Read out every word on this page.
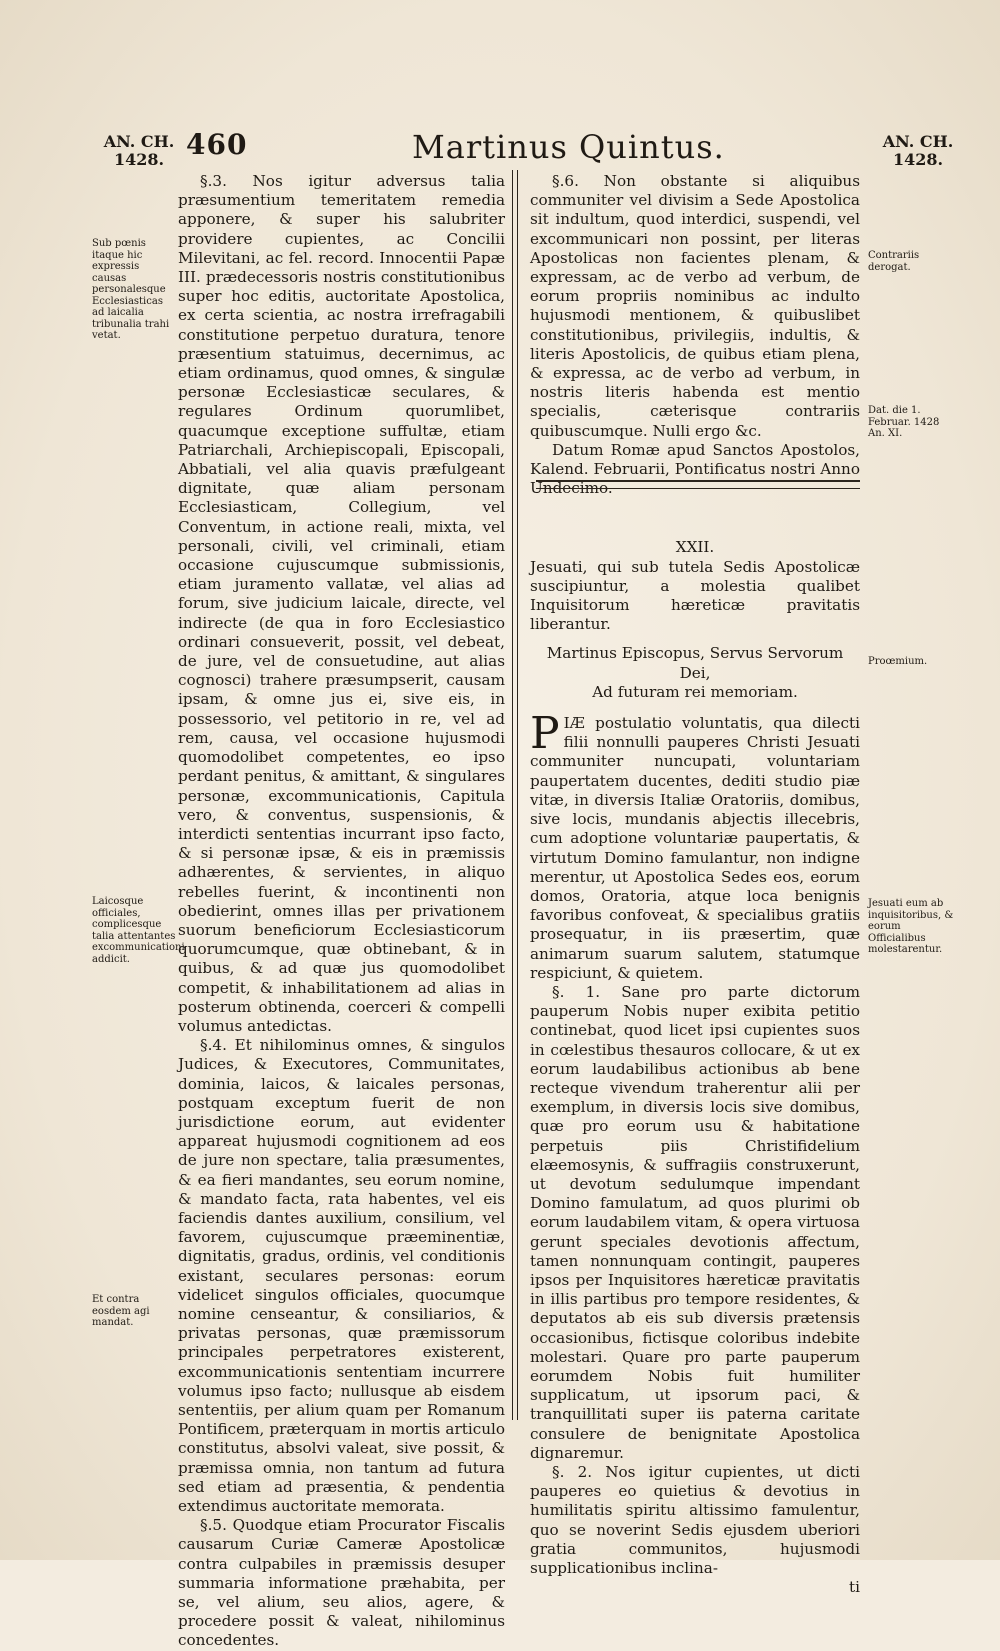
AN. CH.
1428. 460	Martinus Quintus.	AN. CH.
1428.

§.3. Nos igitur adversus talia præsumentium temeritatem remedia apponere, & super his salubriter providere cupientes, ac Concilii Milevitani, ac fel. record. Innocentii Papæ III. prædecessoris nostris constitutionibus super hoc editis, auctoritate Apostolica, ex certa scientia, ac nostra irrefragabili constitutione perpetuo duratura, tenore præsentium statuimus, decernimus, ac etiam ordinamus, quod omnes, & singulæ personæ Ecclesiasticæ seculares, & regulares Ordinum quorumlibet, quacumque exceptione suffultæ, etiam Patriarchali, Archiepiscopali, Episcopali, Abbatiali, vel alia quavis præfulgeant dignitate, quæ aliam personam Ecclesiasticam, Collegium, vel Conventum, in actione reali, mixta, vel personali, civili, vel criminali, etiam occasione cujuscumque submissionis, etiam juramento vallatæ, vel alias ad forum, sive judicium laicale, directe, vel indirecte (de qua in foro Ecclesiastico ordinari consueverit, possit, vel debeat, de jure, vel de consuetudine, aut alias cognosci) trahere præsumpserit, causam ipsam, & omne jus ei, sive eis, in possessorio, vel petitorio in re, vel ad rem, causa, vel occasione hujusmodi quomodolibet competentes, eo ipso perdant penitus, & amittant, & singulares personæ, excommunicationis, Capitula vero, & conventus, suspensionis, & interdicti sententias incurrant ipso facto, & si personæ ipsæ, & eis in præmissis adhærentes, & servientes, in aliquo rebelles fuerint, & incontinenti non obedierint, omnes illas per privationem suorum beneficiorum Ecclesiasticorum quorumcumque, quæ obtinebant, & in quibus, & ad quæ jus quomodolibet competit, & inhabilitationem ad alias in posterum obtinenda, coerceri & compelli volumus antedictas.

§.4. Et nihilominus omnes, & singulos Judices, & Executores, Communitates, dominia, laicos, & laicales personas, postquam exceptum fuerit de non jurisdictione eorum, aut evidenter appareat hujusmodi cognitionem ad eos de jure non spectare, talia præsumentes, & ea fieri mandantes, seu eorum nomine, & mandato facta, rata habentes, vel eis faciendis dantes auxilium, consilium, vel favorem, cujuscumque præeminentiæ, dignitatis, gradus, ordinis, vel conditionis existant, seculares personas: eorum videlicet singulos officiales, quocumque nomine censeantur, & consiliarios, & privatas personas, quæ præmissorum principales perpetratores existerent, excommunicationis sententiam incurrere volumus ipso facto; nullusque ab eisdem sententiis, per alium quam per Romanum Pontificem, præterquam in mortis articulo constitutus, absolvi valeat, sive possit, & præmissa omnia, non tantum ad futura sed etiam ad præsentia, & pendentia extendimus auctoritate memorata.

§.5. Quodque etiam Procurator Fiscalis causarum Curiæ Cameræ Apostolicæ contra culpabiles in præmissis desuper summaria informatione præhabita, per se, vel alium, seu alios, agere, & procedere possit & valeat, nihilominus concedentes.

Sub pœnis itaque hic expressis causas personalesque Ecclesiasticas ad laicalia tribunalia trahi vetat.
Laicosque officiales, complicesque talia attentantes excommunicationi addicit.
Et contra eosdem agi mandat.

§.6. Non obstante si aliquibus communiter vel divisim a Sede Apostolica sit indultum, quod interdici, suspendi, vel excommunicari non possint, per literas Apostolicas non facientes plenam, & expressam, ac de verbo ad verbum, de eorum propriis nominibus ac indulto hujusmodi mentionem, & quibuslibet constitutionibus, privilegiis, indultis, & literis Apostolicis, de quibus etiam plena, & expressa, ac de verbo ad verbum, in nostris literis habenda est mentio specialis, cæterisque contrariis quibuscumque. Nulli ergo &c.

Datum Romæ apud Sanctos Apostolos, Kalend. Februarii, Pontificatus nostri Anno Undecimo.

XXII.

Jesuati, qui sub tutela Sedis Apostolicæ suscipiuntur, a molestia qualibet Inquisitorum hæreticæ pravitatis liberantur.

Martinus Episcopus, Servus Servorum Dei,

Ad futuram rei memoriam.

PIÆ postulatio voluntatis, qua dilecti filii nonnulli pauperes Christi Jesuati communiter nuncupati, voluntariam paupertatem ducentes, dediti studio piæ vitæ, in diversis Italiæ Oratoriis, domibus, sive locis, mundanis abjectis illecebris, cum adoptione voluntariæ paupertatis, & virtutum Domino famulantur, non indigne merentur, ut Apostolica Sedes eos, eorum domos, Oratoria, atque loca benignis favoribus confoveat, & specialibus gratiis prosequatur, in iis præsertim, quæ animarum suarum salutem, statumque respiciunt, & quietem.

§. 1. Sane pro parte dictorum pauperum Nobis nuper exibita petitio continebat, quod licet ipsi cupientes suos in cœlestibus thesauros collocare, & ut ex eorum laudabilibus actionibus ab bene recteque vivendum traherentur alii per exemplum, in diversis locis sive domibus, quæ pro eorum usu & habitatione perpetuis piis Christifidelium elæemosynis, & suffragiis construxerunt, ut devotum sedulumque impendant Domino famulatum, ad quos plurimi ob eorum laudabilem vitam, & opera virtuosa gerunt speciales devotionis affectum, tamen nonnunquam contingit, pauperes ipsos per Inquisitores hæreticæ pravitatis in illis partibus pro tempore residentes, & deputatos ab eis sub diversis prætensis occasionibus, fictisque coloribus indebite molestari. Quare pro parte pauperum eorumdem Nobis fuit humiliter supplicatum, ut ipsorum paci, & tranquillitati super iis paterna caritate consulere de benignitate Apostolica dignaremur.

§. 2. Nos igitur cupientes, ut dicti pauperes eo quietius & devotius in humilitatis spiritu altissimo famulentur, quo se noverint Sedis ejusdem uberiori gratia communitos, hujusmodi supplicationibus inclina-

ti

Contrariis derogat.
Dat. die 1. Februar. 1428 An. XI.
Proœmium.
Jesuati eum ab inquisitoribus, & eorum Officialibus molestarentur.
